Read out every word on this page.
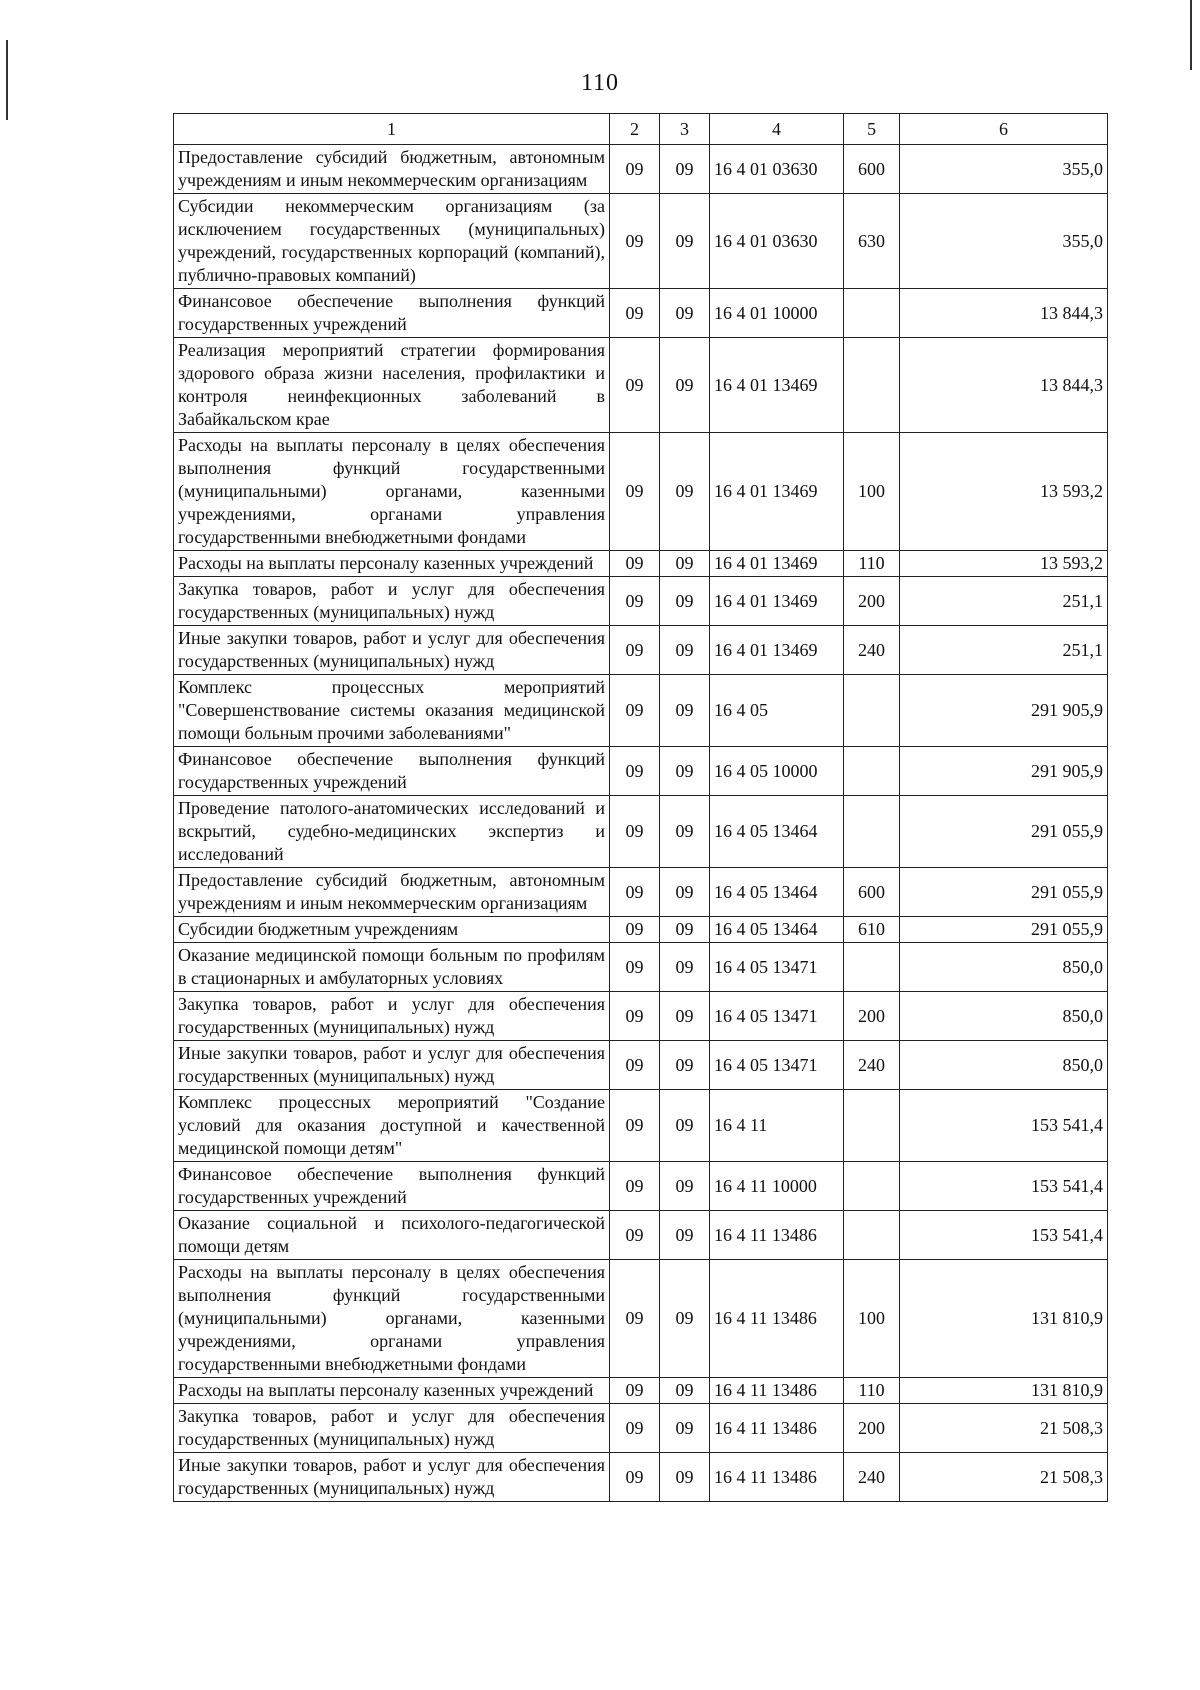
110
1	2	3	4	5	6
Предоставление субсидий бюджетным, автономным учреждениям и иным некоммерческим организациям	09	09	16 4 01 03630	600	355,0
Субсидии некоммерческим организациям (за исключением государственных (муниципальных) учреждений, государственных корпораций (компаний), публично-правовых компаний)	09	09	16 4 01 03630	630	355,0
Финансовое обеспечение выполнения функций государственных учреждений	09	09	16 4 01 10000		13 844,3
Реализация мероприятий стратегии формирования здорового образа жизни населения, профилактики и контроля неинфекционных заболеваний в Забайкальском крае	09	09	16 4 01 13469		13 844,3
Расходы на выплаты персоналу в целях обеспечения выполнения функций государственными (муниципальными) органами, казенными учреждениями, органами управления государственными внебюджетными фондами	09	09	16 4 01 13469	100	13 593,2
Расходы на выплаты персоналу казенных учреждений	09	09	16 4 01 13469	110	13 593,2
Закупка товаров, работ и услуг для обеспечения государственных (муниципальных) нужд	09	09	16 4 01 13469	200	251,1
Иные закупки товаров, работ и услуг для обеспечения государственных (муниципальных) нужд	09	09	16 4 01 13469	240	251,1
Комплекс процессных мероприятий "Совершенствование системы оказания медицинской помощи больным прочими заболеваниями"	09	09	16 4 05		291 905,9
Финансовое обеспечение выполнения функций государственных учреждений	09	09	16 4 05 10000		291 905,9
Проведение патолого-анатомических исследований и вскрытий, судебно-медицинских экспертиз и исследований	09	09	16 4 05 13464		291 055,9
Предоставление субсидий бюджетным, автономным учреждениям и иным некоммерческим организациям	09	09	16 4 05 13464	600	291 055,9
Субсидии бюджетным учреждениям	09	09	16 4 05 13464	610	291 055,9
Оказание медицинской помощи больным по профилям в стационарных и амбулаторных условиях	09	09	16 4 05 13471		850,0
Закупка товаров, работ и услуг для обеспечения государственных (муниципальных) нужд	09	09	16 4 05 13471	200	850,0
Иные закупки товаров, работ и услуг для обеспечения государственных (муниципальных) нужд	09	09	16 4 05 13471	240	850,0
Комплекс процессных мероприятий "Создание условий для оказания доступной и качественной медицинской помощи детям"	09	09	16 4 11		153 541,4
Финансовое обеспечение выполнения функций государственных учреждений	09	09	16 4 11 10000		153 541,4
Оказание социальной и психолого-педагогической помощи детям	09	09	16 4 11 13486		153 541,4
Расходы на выплаты персоналу в целях обеспечения выполнения функций государственными (муниципальными) органами, казенными учреждениями, органами управления государственными внебюджетными фондами	09	09	16 4 11 13486	100	131 810,9
Расходы на выплаты персоналу казенных учреждений	09	09	16 4 11 13486	110	131 810,9
Закупка товаров, работ и услуг для обеспечения государственных (муниципальных) нужд	09	09	16 4 11 13486	200	21 508,3
Иные закупки товаров, работ и услуг для обеспечения государственных (муниципальных) нужд	09	09	16 4 11 13486	240	21 508,3
